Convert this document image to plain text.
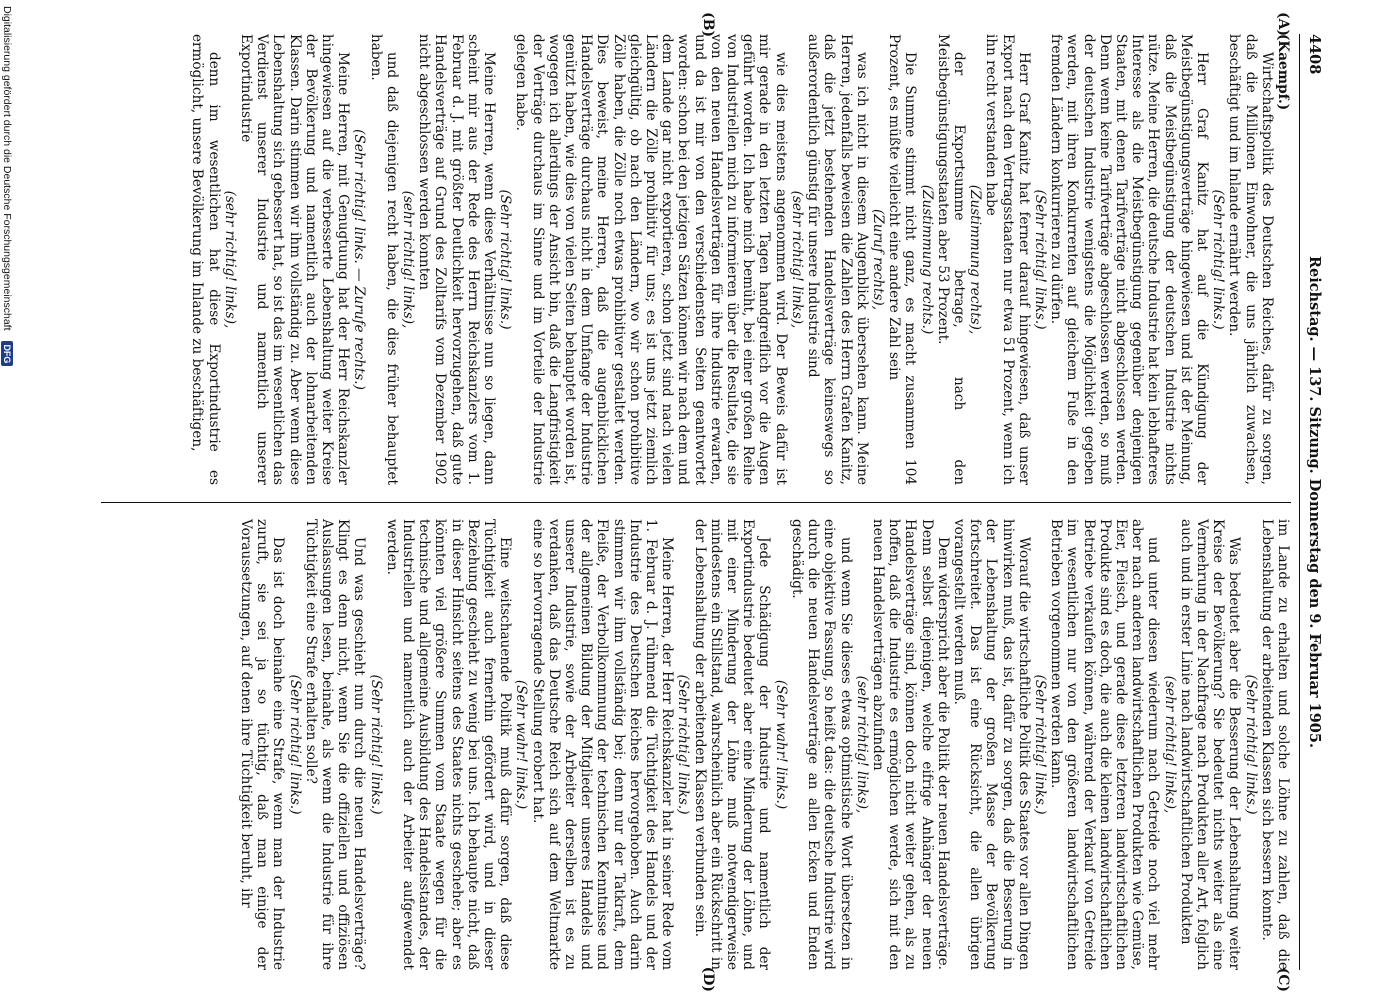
4408
Reichstag. — 137. Sitzung. Donnerstag den 9. Februar 1905.
(A)
(B)

(Kaempf.)

Wirtschaftspolitik des Deutschen Reiches, dafür zu sorgen, daß die Millionen Einwohner, die uns jährlich zuwachsen, beschäftigt und im Inlande ernährt werden.

(Sehr richtig! links.)

Herr Graf Kanitz hat auf die Kündigung der Meistbegünstigungsverträge hingewiesen und ist der Meinung, daß die Meistbegünstigung der deutschen Industrie nichts nütze. Meine Herren, die deutsche Industrie hat kein lebhafteres Interesse als die Meistbegünstigung gegenüber denjenigen Staaten, mit denen Tarifverträge nicht abgeschlossen werden. Denn wenn keine Tarifverträge abgeschlossen werden, so muß der deutschen Industrie wenigstens die Möglichkeit gegeben werden, mit ihren Konkurrenten auf gleichem Fuße in den fremden Ländern konkurrieren zu dürfen.

(Sehr richtig! links.)

Herr Graf Kanitz hat ferner darauf hingewiesen, daß unser Export nach den Vertragsstaaten nur etwa 51 Prozent, wenn ich ihn recht verstanden habe

(Zustimmung rechts),

der Exportsumme betrage, nach den Meistbegünstigungsstaaten aber 53 Prozent.

(Zustimmung rechts.)

Die Summe stimmt nicht ganz, es macht zusammen 104 Prozent, es müßte vielleicht eine andere Zahl sein

(Zuruf rechts),

was ich nicht in diesem Augenblick übersehen kann. Meine Herren, jedenfalls beweisen die Zahlen des Herrn Grafen Kanitz, daß die jetzt bestehenden Handelsverträge keineswegs so außerordentlich günstig für unsere Industrie sind

(sehr richtig! links),

wie dies meistens angenommen wird. Der Beweis dafür ist mir gerade in den letzten Tagen handgreiflich vor die Augen geführt worden. Ich habe mich bemüht, bei einer großen Reihe von Industriellen mich zu informieren über die Resultate, die sie von den neuen Handelsverträgen für ihre Industrie erwarten, und da ist mir von den verschiedensten Seiten geantwortet worden: schon bei den jetzigen Sätzen können wir nach dem und dem Lande gar nicht exportieren, schon jetzt sind nach vielen Ländern die Zölle prohibitiv für uns; es ist uns jetzt ziemlich gleichgültig, ob nach den Ländern, wo wir schon prohibitive Zölle haben, die Zölle noch etwas prohibitiver gestaltet werden. Dies beweist, meine Herren, daß die augenblicklichen Handelsverträge durchaus nicht in dem Umfange der Industrie genützt haben, wie dies von vielen Seiten behauptet worden ist, wogegen ich allerdings der Ansicht bin, daß die Langfristigkeit der Verträge durchaus im Sinne und im Vorteile der Industrie gelegen habe.

(Sehr richtig! links.)

Meine Herren, wenn diese Verhältnisse nun so liegen, dann scheint mir aus der Rede des Herrn Reichskanzlers vom 1. Februar d. J. mit größter Deutlichkeit hervorzugehen, daß gute Handelsverträge auf Grund des Zolltarifs vom Dezember 1902 nicht abgeschlossen werden konnten

(sehr richtig! links),

und daß diejenigen recht haben, die dies früher behauptet haben.

(Sehr richtig! links. — Zurufe rechts.)

Meine Herren, mit Genugtuung hat der Herr Reichskanzler hingewiesen auf die verbesserte Lebenshaltung weiter Kreise der Bevölkerung und namentlich auch der lohnarbeitenden Klassen. Darin stimmen wir ihm vollständig zu. Aber wenn diese Lebenshaltung sich gebessert hat, so ist das im wesentlichen das Verdienst unserer Industrie und namentlich unserer Exportindustrie

(sehr richtig! links),

denn im wesentlichen hat diese Exportindustrie es ermöglicht, unsere Bevölkerung im Inlande zu beschäftigen,

(C)
(D)

im Lande zu erhalten und solche Löhne zu zahlen, daß die Lebenshaltung der arbeitenden Klassen sich bessern konnte.

(Sehr richtig! links.)

Was bedeutet aber die Besserung der Lebenshaltung weiter Kreise der Bevölkerung? Sie bedeutet nichts weiter als eine Vermehrung in der Nachfrage nach Produkten aller Art, folglich auch und in erster Linie nach landwirtschaftlichen Produkten

(sehr richtig! links),

und unter diesen wiederum nach Getreide noch viel mehr aber nach anderen landwirtschaftlichen Produkten wie Gemüse, Eier, Fleisch, und gerade diese letzteren landwirtschaftlichen Produkte sind es doch, die auch die kleinen landwirtschaftlichen Betriebe verkaufen können, während der Verkauf von Getreide im wesentlichen nur von den größeren landwirtschaftlichen Betrieben vorgenommen werden kann.

(Sehr richtig! links.)

Worauf die wirtschaftliche Politik des Staates vor allen Dingen hinwirken muß, das ist, dafür zu sorgen, daß die Besserung in der Lebenshaltung der großen Masse der Bevölkerung fortschreitet. Das ist eine Rücksicht, die allen übrigen vorangestellt werden muß.

Dem widerspricht aber die Politik der neuen Handelsverträge. Denn selbst diejenigen, welche eifrige Anhänger der neuen Handelsverträge sind, können doch nicht weiter gehen, als zu hoffen, daß die Industrie es ermöglichen werde, sich mit den neuen Handelsverträgen abzufinden

(sehr richtig! links),

und wenn Sie dieses etwas optimistische Wort übersetzen in eine objektive Fassung, so heißt das: die deutsche Industrie wird durch die neuen Handelsverträge an allen Ecken und Enden geschädigt.

(Sehr wahr! links.)

Jede Schädigung der Industrie und namentlich der Exportindustrie bedeutet aber eine Minderung der Löhne, und mit einer Minderung der Löhne muß notwendigerweise mindestens ein Stillstand, wahrscheinlich aber ein Rückschritt in der Lebenshaltung der arbeitenden Klassen verbunden sein.

(Sehr richtig! links.)

Meine Herren, der Herr Reichskanzler hat in seiner Rede vom 1. Februar d. J. rühmend die Tüchtigkeit des Handels und der Industrie des Deutschen Reiches hervorgehoben. Auch darin stimmen wir ihm vollständig bei; denn nur der Tatkraft, dem Fleiße, der Verbollkommnung der technischen Kenntnisse und der allgemeinen Bildung der Mitglieder unseres Handels und unserer Industrie, sowie der Arbeiter derselben ist es zu verdanken, daß das Deutsche Reich sich auf dem Weltmarkte eine so hervorragende Stellung erobert hat.

(Sehr wahr! links.)

Eine weitschauende Politik muß dafür sorgen, daß diese Tüchtigkeit auch fernerhin gefördert wird, und in dieser Beziehung geschieht zu wenig bei uns. Ich behaupte nicht, daß in dieser Hinsicht seitens des Staates nichts geschehe; aber es könnten viel größere Summen vom Staate wegen für die technische und allgemeine Ausbildung des Handelsstandes, der Industriellen und namentlich auch der Arbeiter aufgewendet werden.

(Sehr richtig! links.)

Und was geschieht nun durch die neuen Handelsverträge? Klingt es denn nicht, wenn Sie die offiziellen und offiziösen Auslassungen lesen, beinahe, als wenn die Industrie für ihre Tüchtigkeit eine Strafe erhalten solle?

(Sehr richtig! links.)

Das ist doch beinahe eine Strafe, wenn man der Industrie zuruft, sie sei ja so tüchtig, daß man einige der Voraussetzungen, auf denen ihre Tüchtigkeit beruht, ihr

Digitalisierung gefördert durch die Deutsche Forschungsgemeinschaft DFG
